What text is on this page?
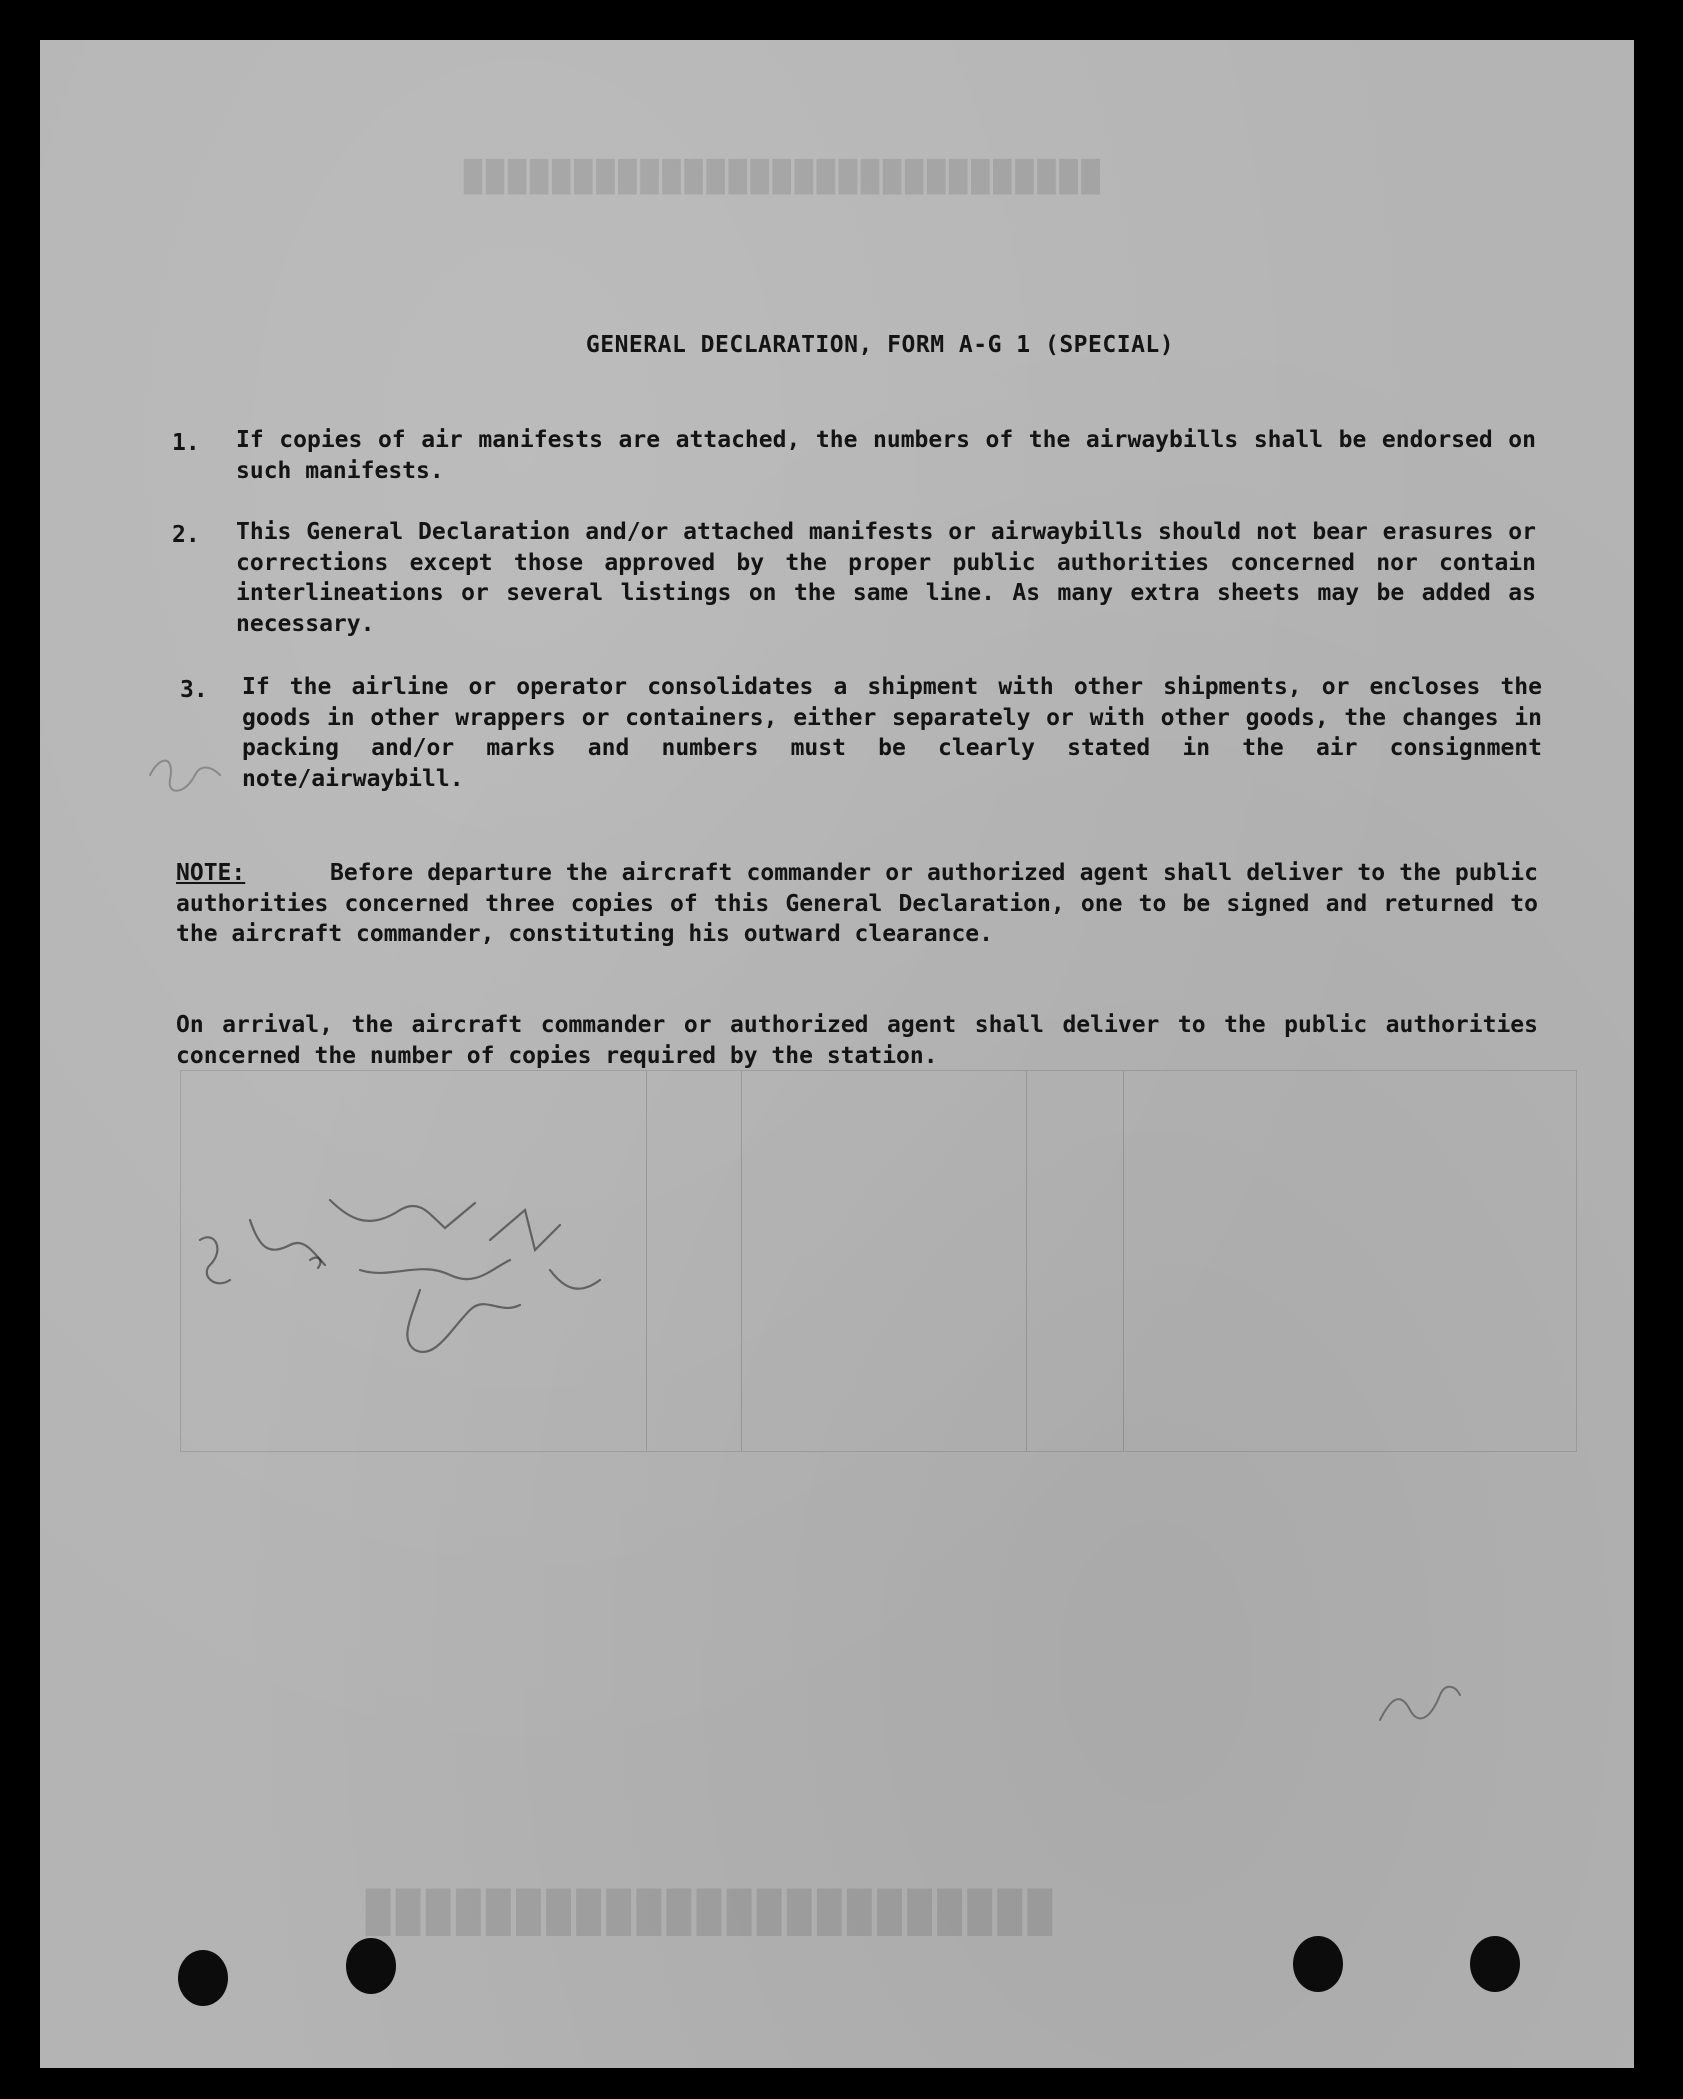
█████████████████████████████
███████████████████████
GENERAL DECLARATION, FORM A-G 1 (SPECIAL)
1. If copies of air manifests are attached, the numbers of the airwaybills shall be endorsed on such manifests.
2. This General Declaration and/or attached manifests or airwaybills should not bear erasures or corrections except those approved by the proper public authorities concerned nor contain interlineations or several listings on the same line. As many extra sheets may be added as necessary.
3. If the airline or operator consolidates a shipment with other shipments, or encloses the goods in other wrappers or containers, either separately or with other goods, the changes in packing and/or marks and numbers must be clearly stated in the air consignment note/airwaybill.
NOTE:	Before departure the aircraft commander or authorized agent shall deliver to the public authorities concerned three copies of this General Declaration, one to be signed and returned to the aircraft commander, constituting his outward clearance.
On arrival, the aircraft commander or authorized agent shall deliver to the public authorities concerned the number of copies required by the station.
